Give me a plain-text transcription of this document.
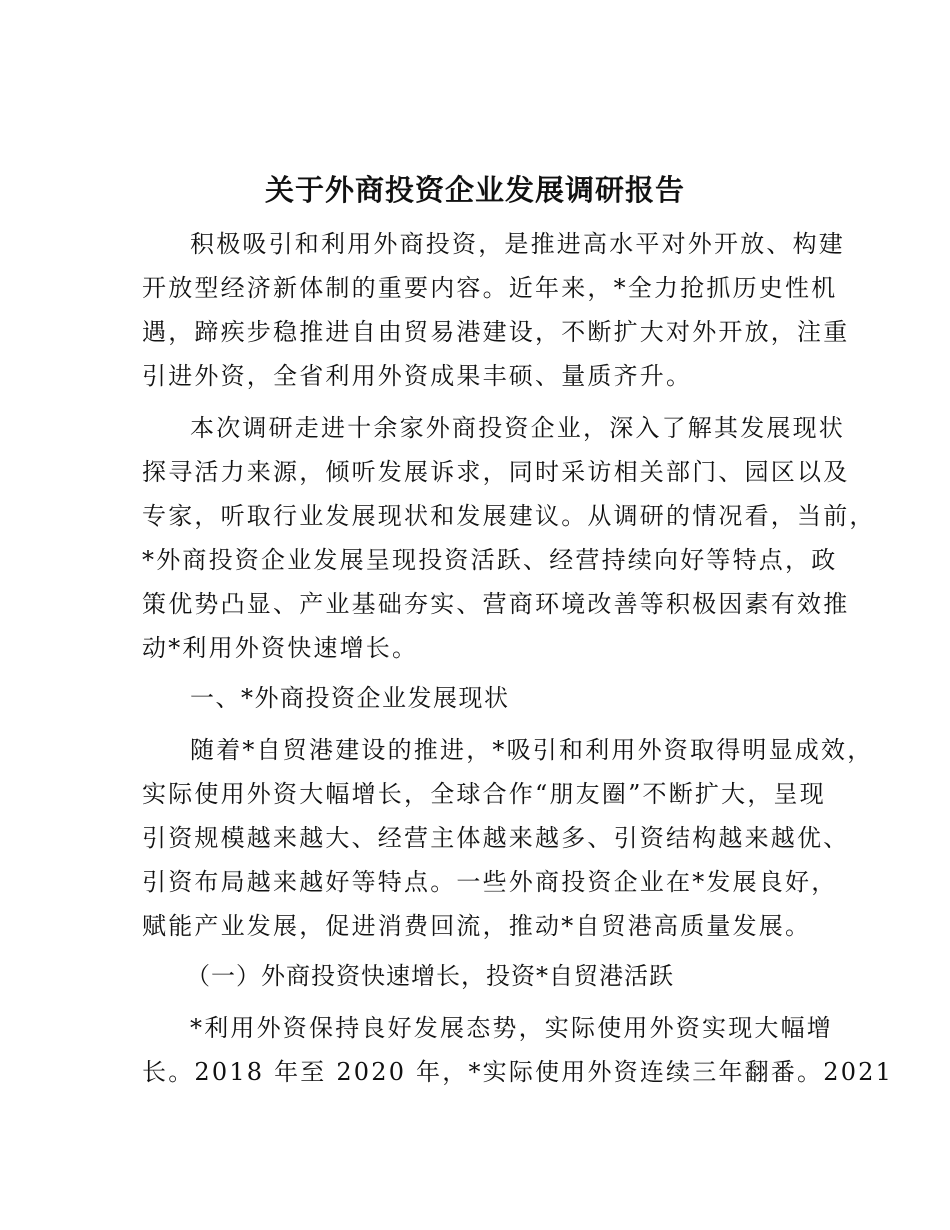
关于外商投资企业发展调研报告
积极吸引和利用外商投资，是推进高水平对外开放、构建
开放型经济新体制的重要内容。近年来，*全力抢抓历史性机
遇，蹄疾步稳推进自由贸易港建设，不断扩大对外开放，注重
引进外资，全省利用外资成果丰硕、量质齐升。
本次调研走进十余家外商投资企业，深入了解其发展现状
探寻活力来源，倾听发展诉求，同时采访相关部门、园区以及
专家，听取行业发展现状和发展建议。从调研的情况看，当前，
*外商投资企业发展呈现投资活跃、经营持续向好等特点，政
策优势凸显、产业基础夯实、营商环境改善等积极因素有效推
动*利用外资快速增长。
一、*外商投资企业发展现状
随着*自贸港建设的推进，*吸引和利用外资取得明显成效，
实际使用外资大幅增长，全球合作“朋友圈”不断扩大，呈现
引资规模越来越大、经营主体越来越多、引资结构越来越优、
引资布局越来越好等特点。一些外商投资企业在*发展良好，
赋能产业发展，促进消费回流，推动*自贸港高质量发展。
（一）外商投资快速增长，投资*自贸港活跃
*利用外资保持良好发展态势，实际使用外资实现大幅增
长。2018 年至 2020 年，*实际使用外资连续三年翻番。2021
